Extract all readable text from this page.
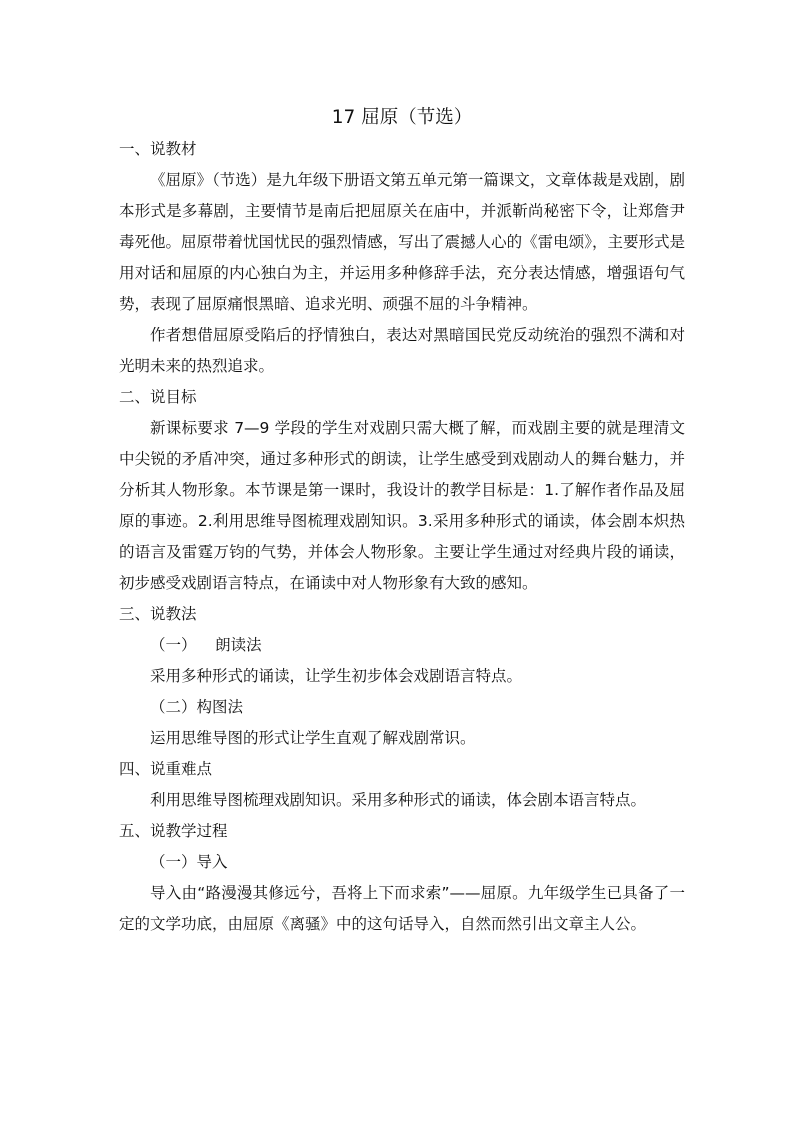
17 屈原（节选）
一、说教材
《屈原》（节选）是九年级下册语文第五单元第一篇课文，文章体裁是戏剧，剧本形式是多幕剧，主要情节是南后把屈原关在庙中，并派靳尚秘密下令，让郑詹尹毒死他。屈原带着忧国忧民的强烈情感，写出了震撼人心的《雷电颂》，主要形式是用对话和屈原的内心独白为主，并运用多种修辞手法，充分表达情感，增强语句气势，表现了屈原痛恨黑暗、追求光明、顽强不屈的斗争精神。
作者想借屈原受陷后的抒情独白，表达对黑暗国民党反动统治的强烈不满和对光明未来的热烈追求。
二、说目标
新课标要求 7—9 学段的学生对戏剧只需大概了解，而戏剧主要的就是理清文中尖锐的矛盾冲突，通过多种形式的朗读，让学生感受到戏剧动人的舞台魅力，并分析其人物形象。本节课是第一课时，我设计的教学目标是：1.了解作者作品及屈原的事迹。2.利用思维导图梳理戏剧知识。3.采用多种形式的诵读，体会剧本炽热的语言及雷霆万钧的气势，并体会人物形象。主要让学生通过对经典片段的诵读，初步感受戏剧语言特点，在诵读中对人物形象有大致的感知。
三、说教法
（一） 朗读法
采用多种形式的诵读，让学生初步体会戏剧语言特点。
（二）构图法
运用思维导图的形式让学生直观了解戏剧常识。
四、说重难点
利用思维导图梳理戏剧知识。采用多种形式的诵读，体会剧本语言特点。
五、说教学过程
（一）导入
导入由“路漫漫其修远兮，吾将上下而求索”——屈原。九年级学生已具备了一定的文学功底，由屈原《离骚》中的这句话导入，自然而然引出文章主人公。
